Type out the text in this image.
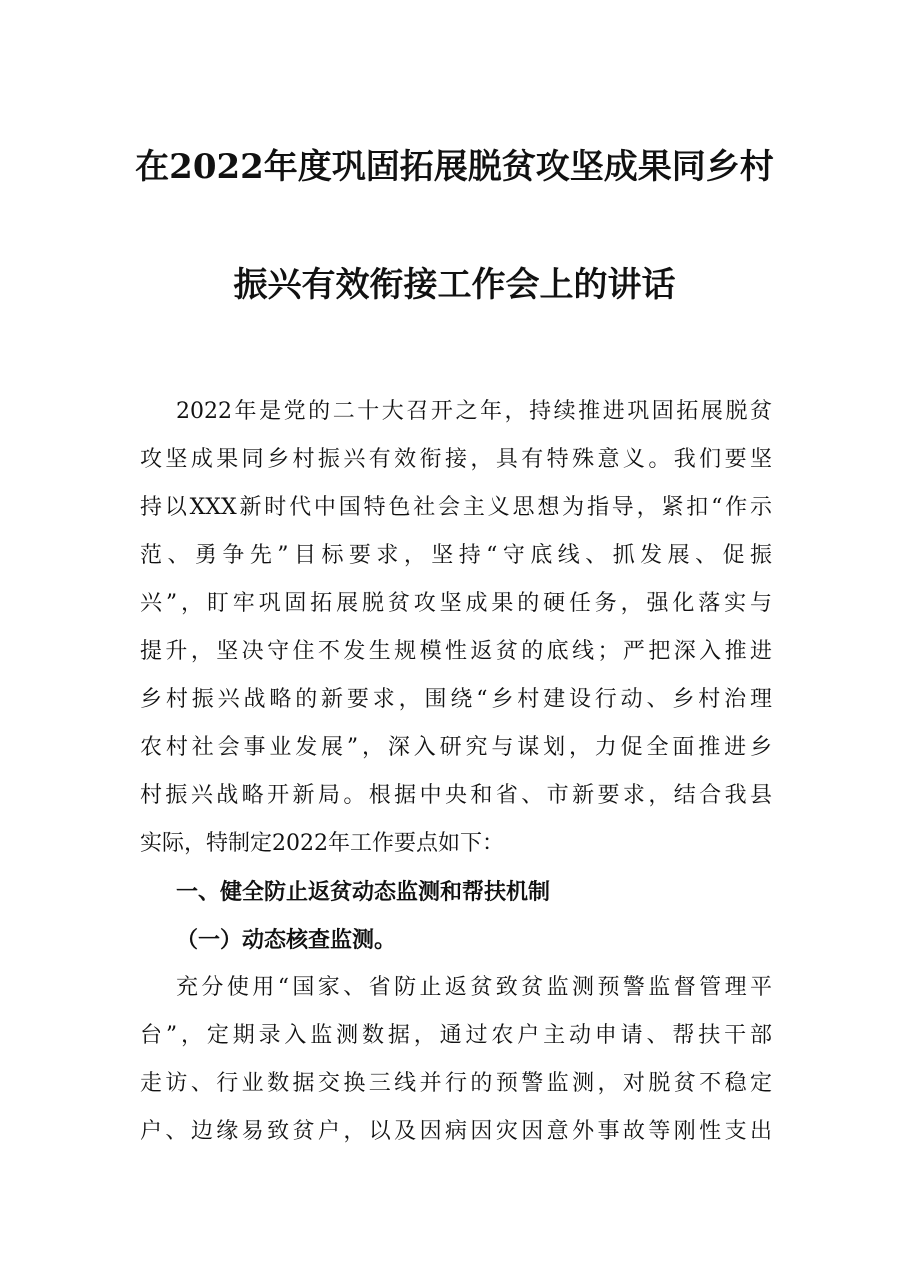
在2022年度巩固拓展脱贫攻坚成果同乡村
振兴有效衔接工作会上的讲话
2022年是党的二十大召开之年，持续推进巩固拓展脱贫
攻坚成果同乡村振兴有效衔接，具有特殊意义。我们要坚
持以XXX新时代中国特色社会主义思想为指导，紧扣“作示
范、勇争先”目标要求，坚持“守底线、抓发展、促振
兴”，盯牢巩固拓展脱贫攻坚成果的硬任务，强化落实与
提升，坚决守住不发生规模性返贫的底线；严把深入推进
乡村振兴战略的新要求，围绕“乡村建设行动、乡村治理
农村社会事业发展”，深入研究与谋划，力促全面推进乡
村振兴战略开新局。根据中央和省、市新要求，结合我县
实际，特制定2022年工作要点如下：
一、健全防止返贫动态监测和帮扶机制
（一）动态核查监测。
充分使用“国家、省防止返贫致贫监测预警监督管理平
台”，定期录入监测数据，通过农户主动申请、帮扶干部
走访、行业数据交换三线并行的预警监测，对脱贫不稳定
户、边缘易致贫户，以及因病因灾因意外事故等刚性支出
